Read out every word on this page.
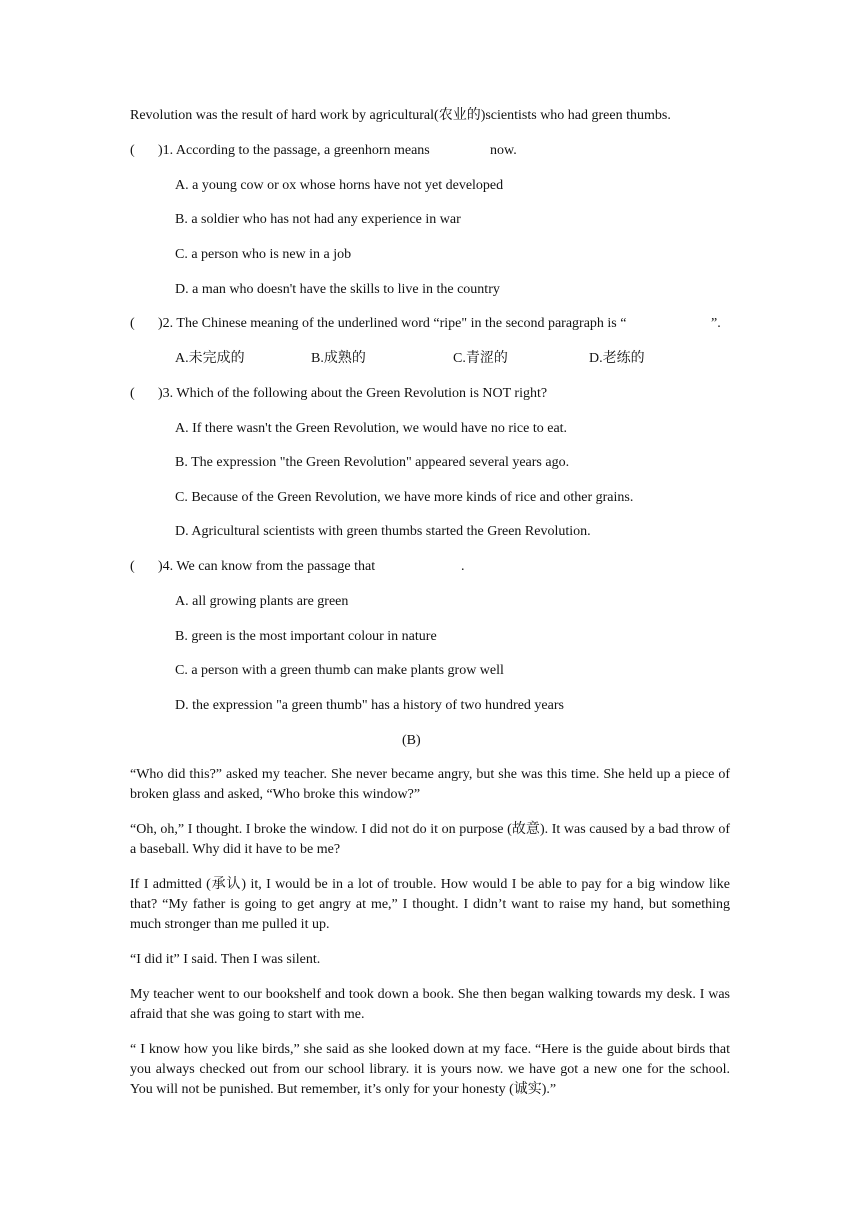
Revolution was the result of hard work by agricultural(农业的)scientists who had green thumbs.
( )1. According to the passage, a greenhorn means	now.
A. a young cow or ox whose horns have not yet developed
B. a soldier who has not had any experience in war
C. a person who is new in a job
D. a man who doesn't have the skills to live in the country
( )2. The Chinese meaning of the underlined word “ripe" in the second paragraph is “	”.
A.未完成的	B.成熟的	C.青涩的	D.老练的
( )3. Which of the following about the Green Revolution is NOT right?
A. If there wasn't the Green Revolution, we would have no rice to eat.
B. The expression "the Green Revolution" appeared several years ago.
C. Because of the Green Revolution, we have more kinds of rice and other grains.
D. Agricultural scientists with green thumbs started the Green Revolution.
( )4. We can know from the passage that	.
A. all growing plants are green
B. green is the most important colour in nature
C. a person with a green thumb can make plants grow well
D. the expression "a green thumb" has a history of two hundred years
(B)
“Who did this?” asked my teacher. She never became angry, but she was this time. She held up a piece of broken glass and asked, “Who broke this window?”
“Oh, oh,” I thought. I broke the window. I did not do it on purpose (故意). It was caused by a bad throw of a baseball. Why did it have to be me?
If I admitted (承认) it, I would be in a lot of trouble. How would I be able to pay for a big window like that? “My father is going to get angry at me,” I thought. I didn’t want to raise my hand, but something much stronger than me pulled it up.
“I did it” I said. Then I was silent.
My teacher went to our bookshelf and took down a book. She then began walking towards my desk. I was afraid that she was going to start with me.
“ I know how you like birds,” she said as she looked down at my face. “Here is the guide about birds that you always checked out from our school library. it is yours now. we have got a new one for the school. You will not be punished. But remember, it’s only for your honesty (诚实).”
